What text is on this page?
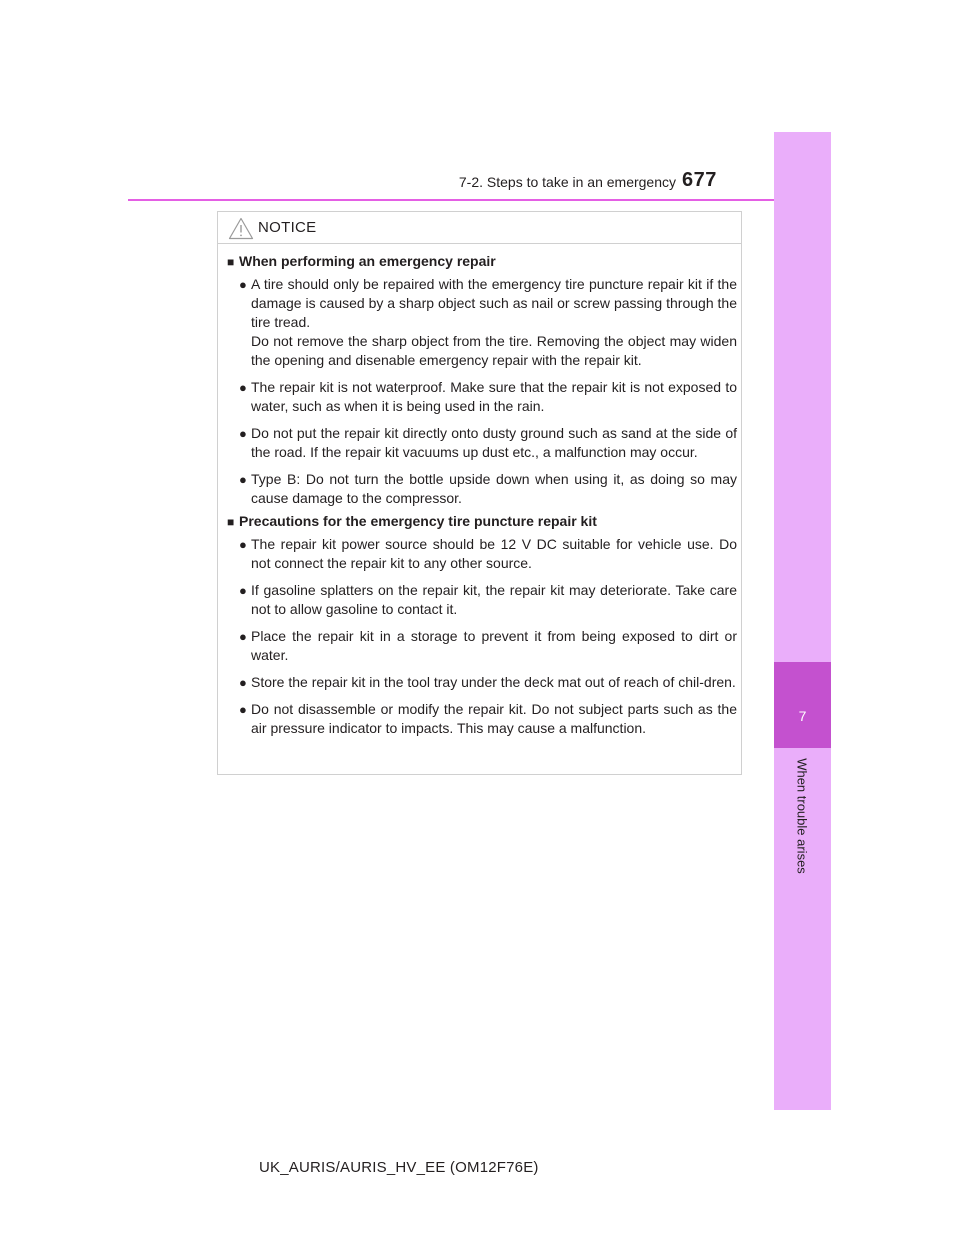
7-2. Steps to take in an emergency 677
7
When trouble arises
NOTICE
■ When performing an emergency repair
● A tire should only be repaired with the emergency tire puncture repair kit if the damage is caused by a sharp object such as nail or screw passing through the tire tread.
Do not remove the sharp object from the tire. Removing the object may widen the opening and disenable emergency repair with the repair kit.
● The repair kit is not waterproof. Make sure that the repair kit is not exposed to water, such as when it is being used in the rain.
● Do not put the repair kit directly onto dusty ground such as sand at the side of the road. If the repair kit vacuums up dust etc., a malfunction may occur.
● Type B: Do not turn the bottle upside down when using it, as doing so may cause damage to the compressor.
■ Precautions for the emergency tire puncture repair kit
● The repair kit power source should be 12 V DC suitable for vehicle use. Do not connect the repair kit to any other source.
● If gasoline splatters on the repair kit, the repair kit may deteriorate. Take care not to allow gasoline to contact it.
● Place the repair kit in a storage to prevent it from being exposed to dirt or water.
● Store the repair kit in the tool tray under the deck mat out of reach of chil-dren.
● Do not disassemble or modify the repair kit. Do not subject parts such as the air pressure indicator to impacts. This may cause a malfunction.
UK_AURIS/AURIS_HV_EE (OM12F76E)
